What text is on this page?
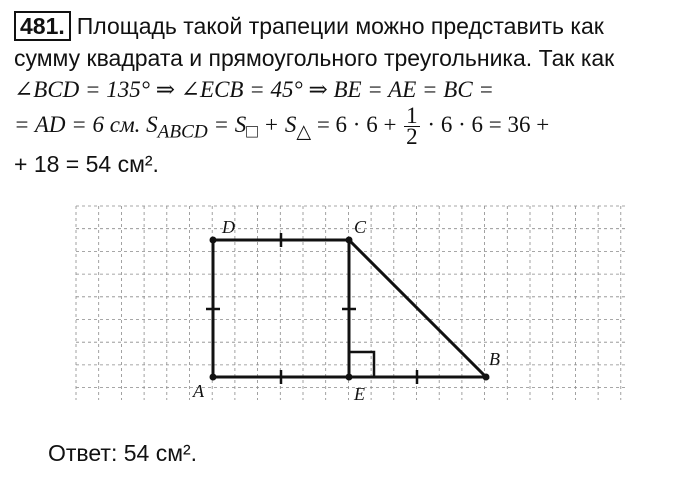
481. Площадь такой трапеции можно представить как
сумму квадрата и прямоугольного треугольника. Так как
∠BCD = 135° ⇒ ∠ECB = 45° ⇒ BE = AE = BC =
= AD = 6 см. $S_{ABCD} = S_□ + S_\triangle = 6 \cdot 6 + \frac{1}{2} \cdot 6 \cdot 6 = 36$ +
+ 18 = 54 см².
D	C
B
A	E
Ответ: 54 см².
